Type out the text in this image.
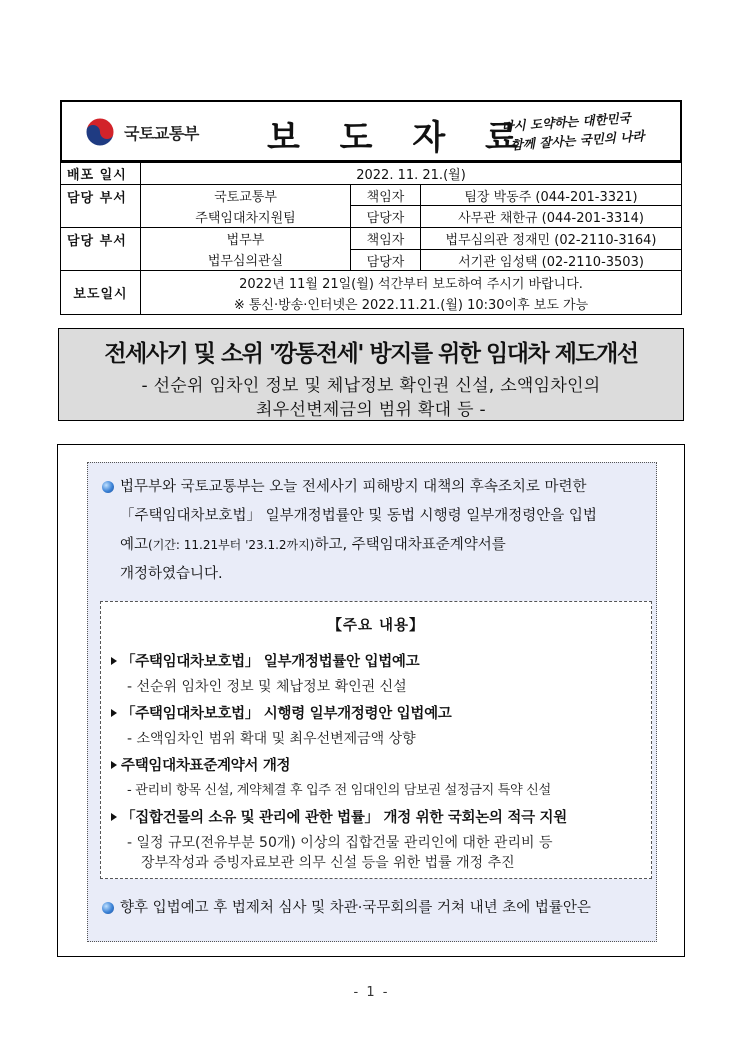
국토교통부 보 도 자 료
다시 도약하는 대한민국
함께 잘사는 국민의 나라
배포 일시	2022. 11. 21.(월)		
담당 부서	국토교통부	책임자	팀장 박동주 (044-201-3321)
	주택임대차지원팀	담당자	사무관 채한규 (044-201-3314)
담당 부서	법무부	책임자	법무심의관 정재민 (02-2110-3164)
	법무심의관실	담당자	서기관 임성택 (02-2110-3503)
보도일시	2022년 11월 21일(월) 석간부터 보도하여 주시기 바랍니다.		
	※ 통신·방송·인터넷은 2022.11.21.(월) 10:30이후 보도 가능		
전세사기 및 소위 '깡통전세' 방지를 위한 임대차 제도개선
- 선순위 임차인 정보 및 체납정보 확인권 신설, 소액임차인의
최우선변제금의 범위 확대 등 -
법무부와 국토교통부는 오늘 전세사기 피해방지 대책의 후속조치로 마련한
「주택임대차보호법」 일부개정법률안 및 동법 시행령 일부개정령안을 입법
예고(기간: 11.21부터 '23.1.2까지)하고, 주택임대차표준계약서를
개정하였습니다.
【주요 내용】
「주택임대차보호법」 일부개정법률안 입법예고
- 선순위 임차인 정보 및 체납정보 확인권 신설
「주택임대차보호법」 시행령 일부개정령안 입법예고
- 소액임차인 범위 확대 및 최우선변제금액 상향
주택임대차표준계약서 개정
- 관리비 항목 신설, 계약체결 후 입주 전 임대인의 담보권 설정금지 특약 신설
「집합건물의 소유 및 관리에 관한 법률」 개정 위한 국회논의 적극 지원
- 일정 규모(전유부분 50개) 이상의 집합건물 관리인에 대한 관리비 등
장부작성과 증빙자료보관 의무 신설 등을 위한 법률 개정 추진
향후 입법예고 후 법제처 심사 및 차관·국무회의를 거쳐 내년 초에 법률안은
- 1 -
